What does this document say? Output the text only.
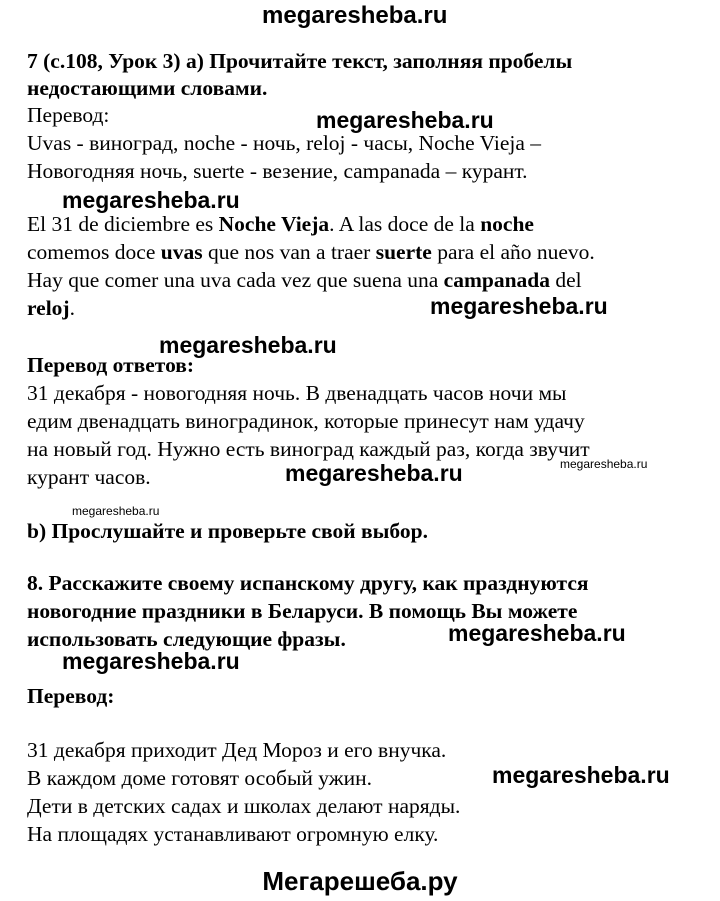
megaresheba.ru
7 (с.108, Урок 3) a) Прочитайте текст, заполняя пробелы
недостающими словами.
Перевод:	megaresheba.ru
Uvas - виноград, noche - ночь, reloj - часы, Noche Vieja –
Новогодняя ночь, suerte - везение, campanada – курант.
megaresheba.ru
El 31 de diciembre es Noche Vieja. A las doce de la noche
comemos doce uvas que nos van a traer suerte para el año nuevo.
Hay que comer una uva cada vez que suena una campanada del
reloj.	megaresheba.ru
megaresheba.ru
Перевод ответов:
31 декабря - новогодняя ночь. В двенадцать часов ночи мы
едим двенадцать виноградинок, которые принесут нам удачу
на новый год. Нужно есть виноград каждый раз, когда звучит
курант часов.	megaresheba.ru	megaresheba.ru
megaresheba.ru
b) Прослушайте и проверьте свой выбор.
8. Расскажите своему испанскому другу, как празднуются
новогодние праздники в Беларуси. В помощь Вы можете
использовать следующие фразы.	megaresheba.ru
megaresheba.ru
Перевод:
31 декабря приходит Дед Мороз и его внучка.
В каждом доме готовят особый ужин.	megaresheba.ru
Дети в детских садах и школах делают наряды.
На площадях устанавливают огромную елку.
Мегарешеба.ру
